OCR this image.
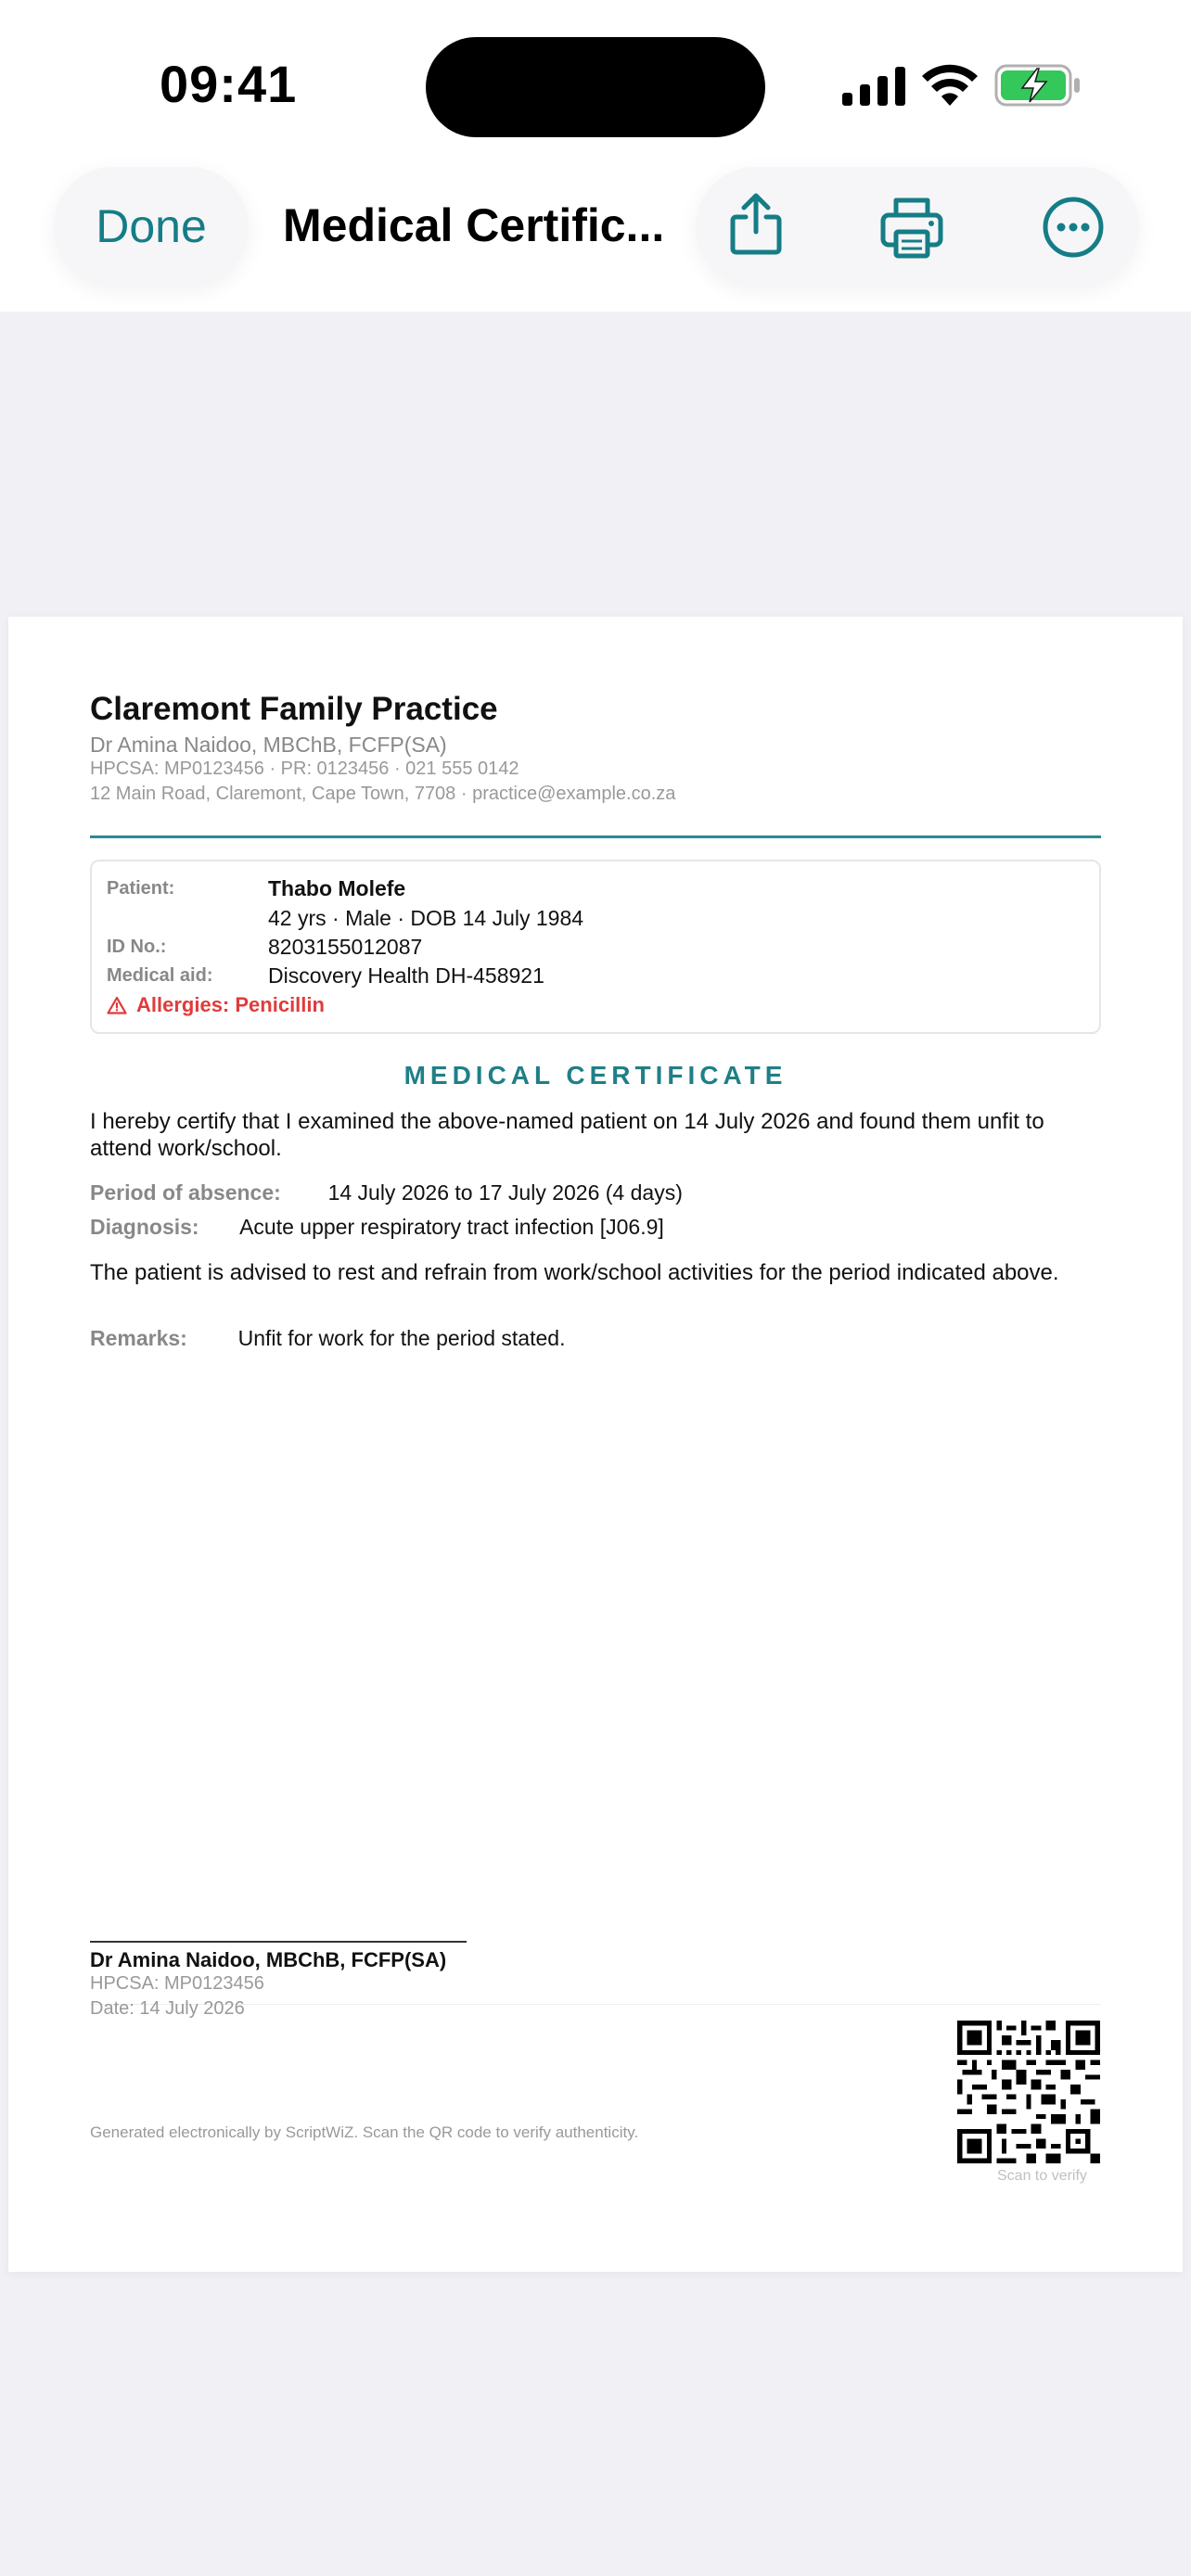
09:41
Done	Medical Certific...
Claremont Family Practice
Dr Amina Naidoo, MBChB, FCFP(SA)
HPCSA: MP0123456 · PR: 0123456 · 021 555 0142
12 Main Road, Claremont, Cape Town, 7708 · practice@example.co.za
Patient:	Thabo Molefe
42 yrs · Male · DOB 14 July 1984
ID No.:	8203155012087
Medical aid:	Discovery Health DH-458921
Allergies: Penicillin
MEDICAL CERTIFICATE
I hereby certify that I examined the above-named patient on 14 July 2026 and found them unfit to attend work/school.
Period of absence: 14 July 2026 to 17 July 2026 (4 days)
Diagnosis: Acute upper respiratory tract infection [J06.9]
The patient is advised to rest and refrain from work/school activities for the period indicated above.
Remarks: Unfit for work for the period stated.
Dr Amina Naidoo, MBChB, FCFP(SA)
HPCSA: MP0123456
Date: 14 July 2026
Generated electronically by ScriptWiZ. Scan the QR code to verify authenticity.
Scan to verify
